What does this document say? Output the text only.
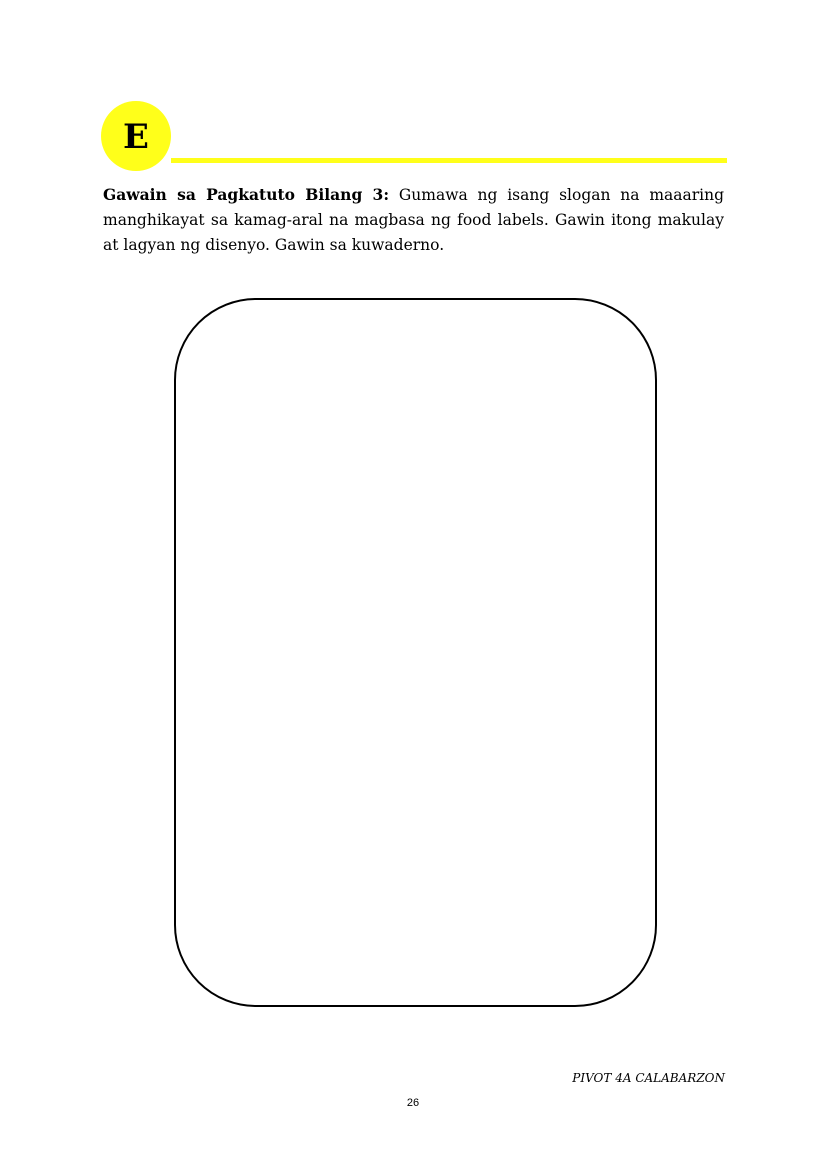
E

Gawain sa Pagkatuto Bilang 3: Gumawa ng isang slogan na maaaring manghikayat sa kamag-aral na magbasa ng food labels. Gawin itong makulay at lagyan ng disenyo. Gawin sa kuwaderno.

PIVOT 4A CALABARZON
26
